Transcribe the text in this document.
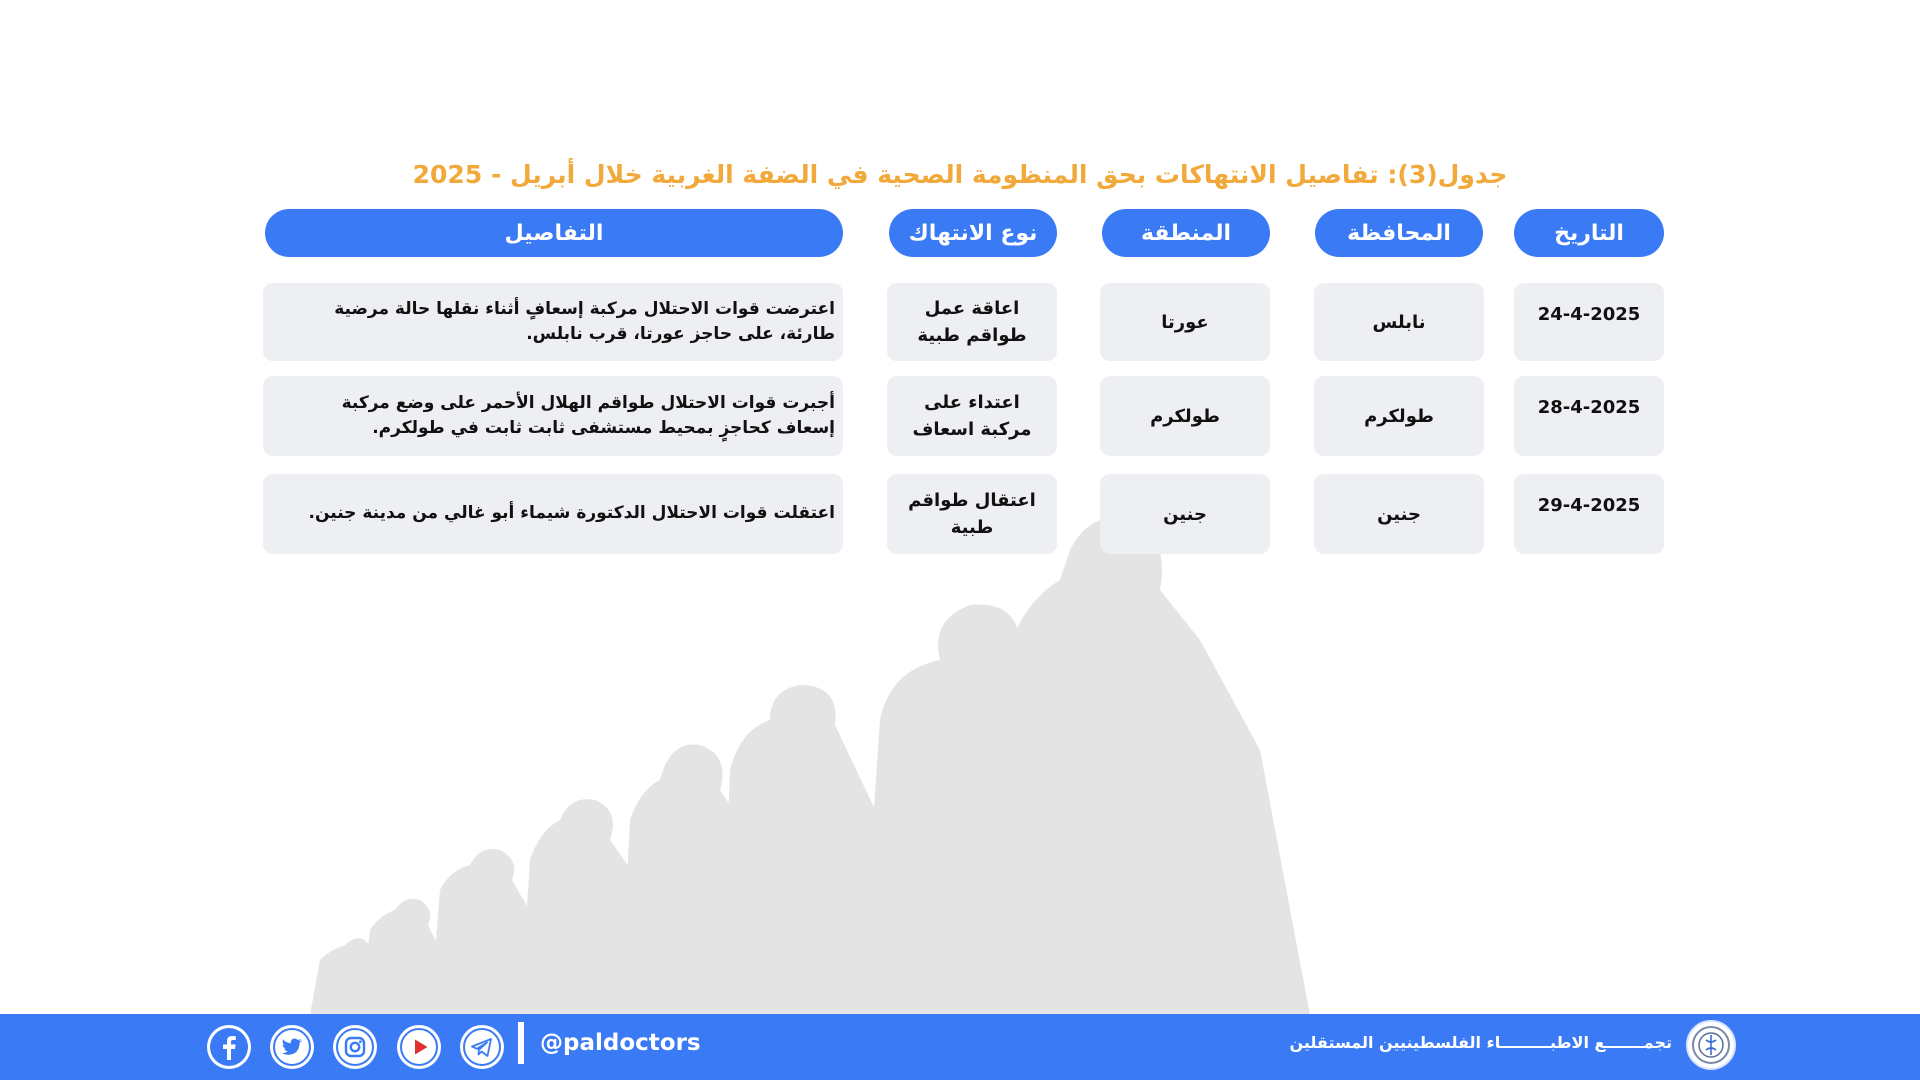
جدول(3): تفاصيل الانتهاكات بحق المنظومة الصحية في الضفة الغربية خلال أبريل - 2025
التاريخ
المحافظة
المنطقة
نوع الانتهاك
التفاصيل
24-4-2025
نابلس
عورتا
اعاقة عمل طواقم طبية
اعترضت قوات الاحتلال مركبة إسعافٍ أثناء نقلها حالة مرضية طارئة، على حاجز عورتا، قرب نابلس.
28-4-2025
طولكرم
طولكرم
اعتداء على مركبة اسعاف
أجبرت قوات الاحتلال طواقم الهلال الأحمر على وضع مركبة إسعاف كحاجزٍ بمحيط مستشفى ثابت ثابت في طولكرم.
29-4-2025
جنين
جنين
اعتقال طواقم طبية
اعتقلت قوات الاحتلال الدكتورة شيماء أبو غالي من مدينة جنين.
@paldoctors	تجمـــــــع الاطبـــــــــاء الفلسطينيين المستقلين
